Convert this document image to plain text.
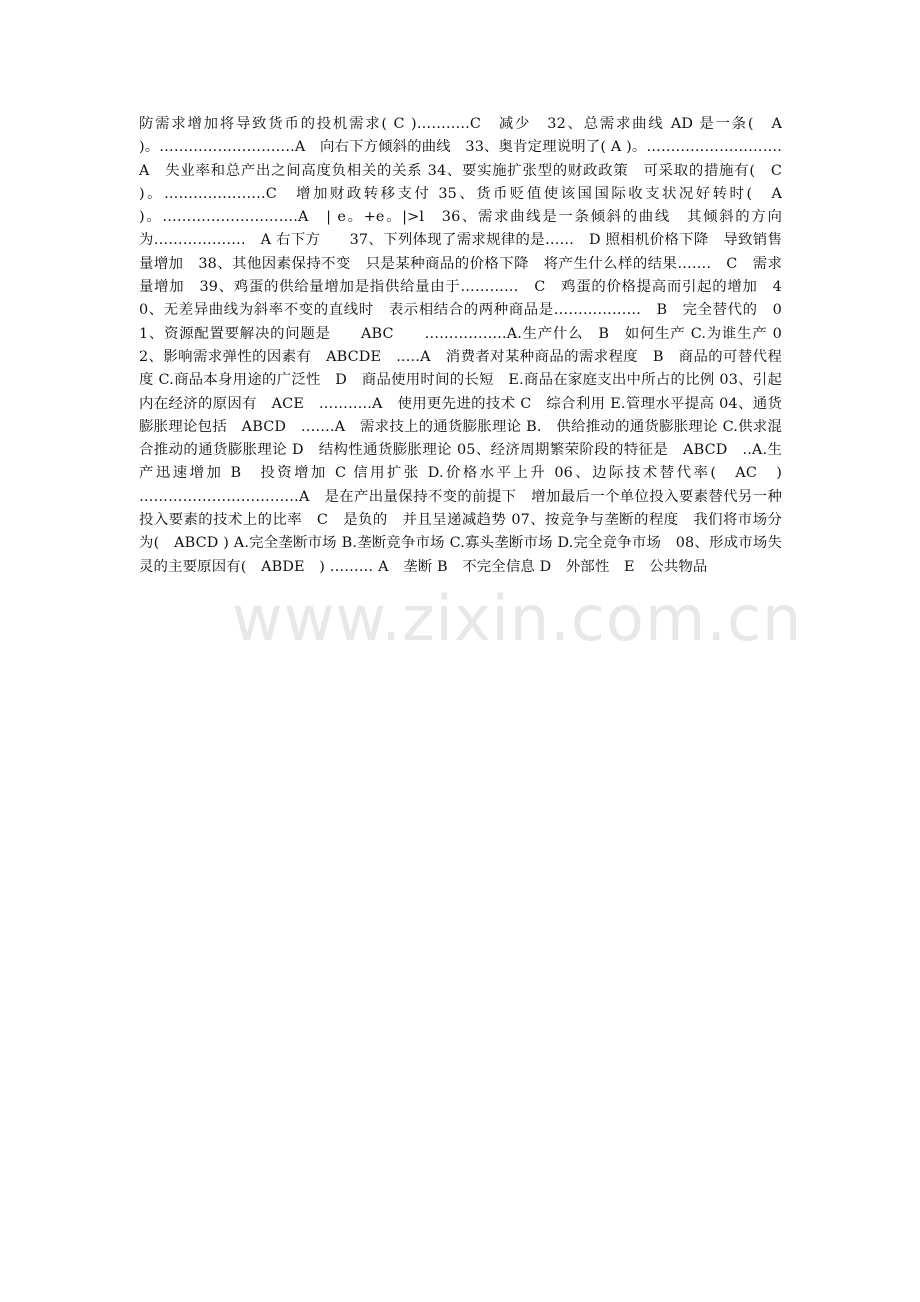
防需求增加将导致货币的投机需求( C )………..C　减少　32、总需求曲线 AD 是一条(　A　)。……………………….A　向右下方倾斜的曲线　33、奥肯定理说明了( A )。……………………….A　失业率和总产出之间高度负相关的关系 34、要实施扩张型的财政政策　可采取的措施有(　C　)。…………………C　增加财政转移支付 35、货币贬值使该国国际收支状况好转时(　A　)。……………………….A　| e。+e。|>l　36、需求曲线是一条倾斜的曲线　其倾斜的方向为……………….　A 右下方　　37、下列体现了需求规律的是……　D 照相机价格下降　导致销售量增加　38、其他因素保持不变　只是某种商品的价格下降　将产生什么样的结果…….　C　需求量增加　39、鸡蛋的供给量增加是指供给量由于…………　C　鸡蛋的价格提高而引起的增加　40、无差异曲线为斜率不变的直线时　表示相结合的两种商品是………………　B　完全替代的　01、资源配置要解决的问题是　　ABC　　……………..A.生产什么　B　如何生产 C.为谁生产 02、影响需求弹性的因素有　ABCDE　..…A　消费者对某种商品的需求程度　B　商品的可替代程度 C.商品本身用途的广泛性　D　商品使用时间的长短　E.商品在家庭支出中所占的比例 03、引起内在经济的原因有　ACE　………..A　使用更先进的技术 C　综合利用 E.管理水平提高 04、通货膨胀理论包括　ABCD　…….A　需求技上的通货膨胀理论 B.　供给推动的通货膨胀理论 C.供求混合推动的通货膨胀理论 D　结构性通货膨胀理论 05、经济周期繁荣阶段的特征是　ABCD　..A.生产迅速增加 B　投资增加 C 信用扩张 D.价格水平上升 06、边际技术替代率(　AC　)　……………………………A　是在产出量保持不变的前提下　增加最后一个单位投入要素替代另一种投入要素的技术上的比率　C　是负的　并且呈递减趋势 07、按竞争与垄断的程度　我们将市场分为(　ABCD ) A.完全垄断市场 B.垄断竞争市场 C.寡头垄断市场 D.完全竞争市场　08、形成市场失灵的主要原因有(　ABDE　) ……… A　垄断 B　不完全信息 D　外部性　E　公共物品
www.zixin.com.cn
